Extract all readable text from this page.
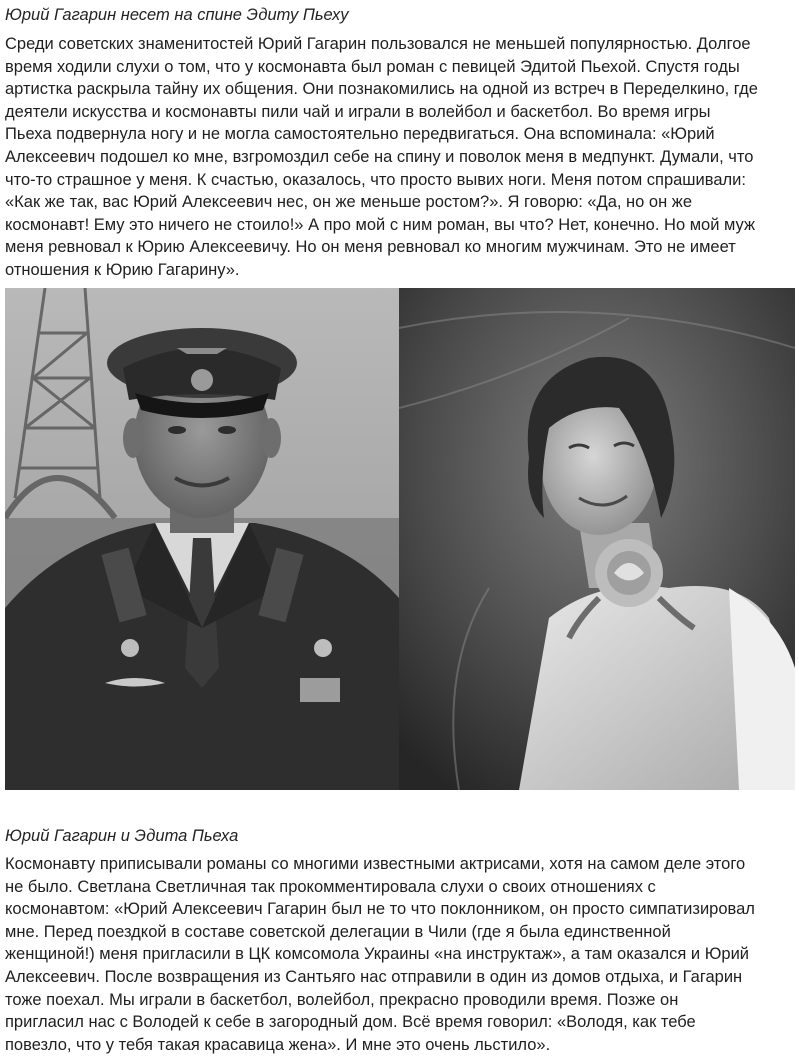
Юрий Гагарин несет на спине Эдиту Пьеху
Среди советских знаменитостей Юрий Гагарин пользовался не меньшей популярностью. Долгое
время ходили слухи о том, что у космонавта был роман с певицей Эдитой Пьехой. Спустя годы
артистка раскрыла тайну их общения. Они познакомились на одной из встреч в Переделкино, где
деятели искусства и космонавты пили чай и играли в волейбол и баскетбол. Во время игры
Пьеха подвернула ногу и не могла самостоятельно передвигаться. Она вспоминала: «Юрий
Алексеевич подошел ко мне, взгромоздил себе на спину и поволок меня в медпункт. Думали, что
что-то страшное у меня. К счастью, оказалось, что просто вывих ноги. Меня потом спрашивали:
«Как же так, вас Юрий Алексеевич нес, он же меньше ростом?». Я говорю: «Да, но он же
космонавт! Ему это ничего не стоило!» А про мой с ним роман, вы что? Нет, конечно. Но мой муж
меня ревновал к Юрию Алексеевичу. Но он меня ревновал ко многим мужчинам. Это не имеет
отношения к Юрию Гагарину».
Юрий Гагарин и Эдита Пьеха
Космонавту приписывали романы со многими известными актрисами, хотя на самом деле этого
не было. Светлана Светличная так прокомментировала слухи о своих отношениях с
космонавтом: «Юрий Алексеевич Гагарин был не то что поклонником, он просто симпатизировал
мне. Перед поездкой в составе советской делегации в Чили (где я была единственной
женщиной!) меня пригласили в ЦК комсомола Украины «на инструктаж», а там оказался и Юрий
Алексеевич. После возвращения из Сантьяго нас отправили в один из домов отдыха, и Гагарин
тоже поехал. Мы играли в баскетбол, волейбол, прекрасно проводили время. Позже он
пригласил нас с Володей к себе в загородный дом. Всё время говорил: «Володя, как тебе
повезло, что у тебя такая красавица жена». И мне это очень льстило».
